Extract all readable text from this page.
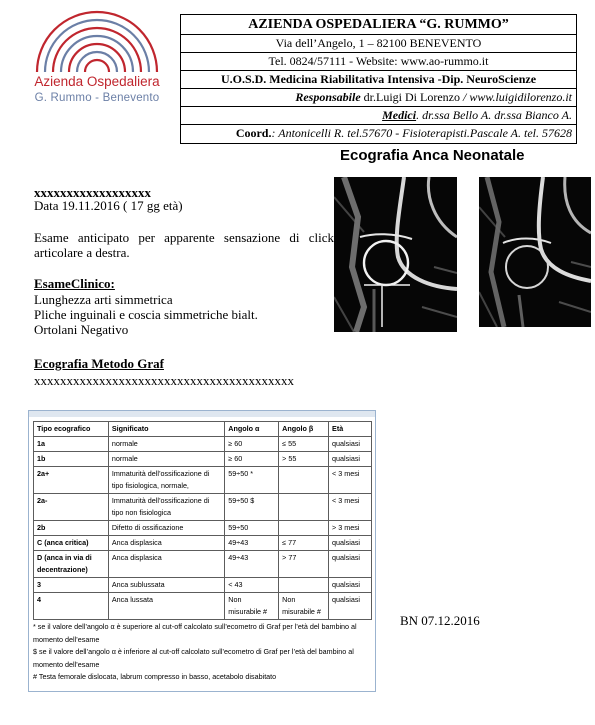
Azienda Ospedaliera
G. Rummo - Benevento
AZIENDA OSPEDALIERA “G. RUMMO”
Via dell’Angelo, 1 – 82100 BENEVENTO
Tel. 0824/57111 - Website: www.ao-rummo.it
U.O.S.D. Medicina Riabilitativa Intensiva -Dip. NeuroScienze
Responsabile dr.Luigi Di Lorenzo / www.luigidilorenzo.it
Medici. dr.ssa Bello A. dr.ssa Bianco A.
Coord.: Antonicelli R. tel.57670 - Fisioterapisti.Pascale A. tel. 57628
Ecografia Anca Neonatale
xxxxxxxxxxxxxxxxxx
Data 19.11.2016 ( 17 gg età)
Esame anticipato per apparente sensazione di click articolare a destra.
EsameClinico:
Lunghezza arti simmetrica
Pliche inguinali e coscia simmetriche bialt.
Ortolani Negativo
Ecografia Metodo Graf
xxxxxxxxxxxxxxxxxxxxxxxxxxxxxxxxxxxxxxxx
Tipo ecografico	Significato	Angolo α	Angolo β	Età
1a	normale	≥ 60	≤ 55	qualsiasi
1b	normale	≥ 60	> 55	qualsiasi
2a+	Immaturità dell’ossificazione di tipo fisiologica, normale,	59÷50 *		< 3 mesi
2a-	Immaturità dell’ossificazione di tipo non fisiologica	59÷50 $		< 3 mesi
2b	Difetto di ossificazione	59÷50		> 3 mesi
C (anca critica)	Anca displasica	49÷43	≤ 77	qualsiasi
D (anca in via di decentrazione)	Anca displasica	49÷43	> 77	qualsiasi
3	Anca sublussata	< 43		qualsiasi
4	Anca lussata	Non misurabile #	Non misurabile #	qualsiasi
* se il valore dell’angolo α è superiore al cut-off calcolato sull’ecometro di Graf per l’età del bambino al momento dell’esame
$ se il valore dell’angolo α è inferiore al cut-off calcolato sull’ecometro di Graf per l’età del bambino al momento dell’esame
# Testa femorale dislocata, labrum compresso in basso, acetabolo disabitato
BN 07.12.2016
